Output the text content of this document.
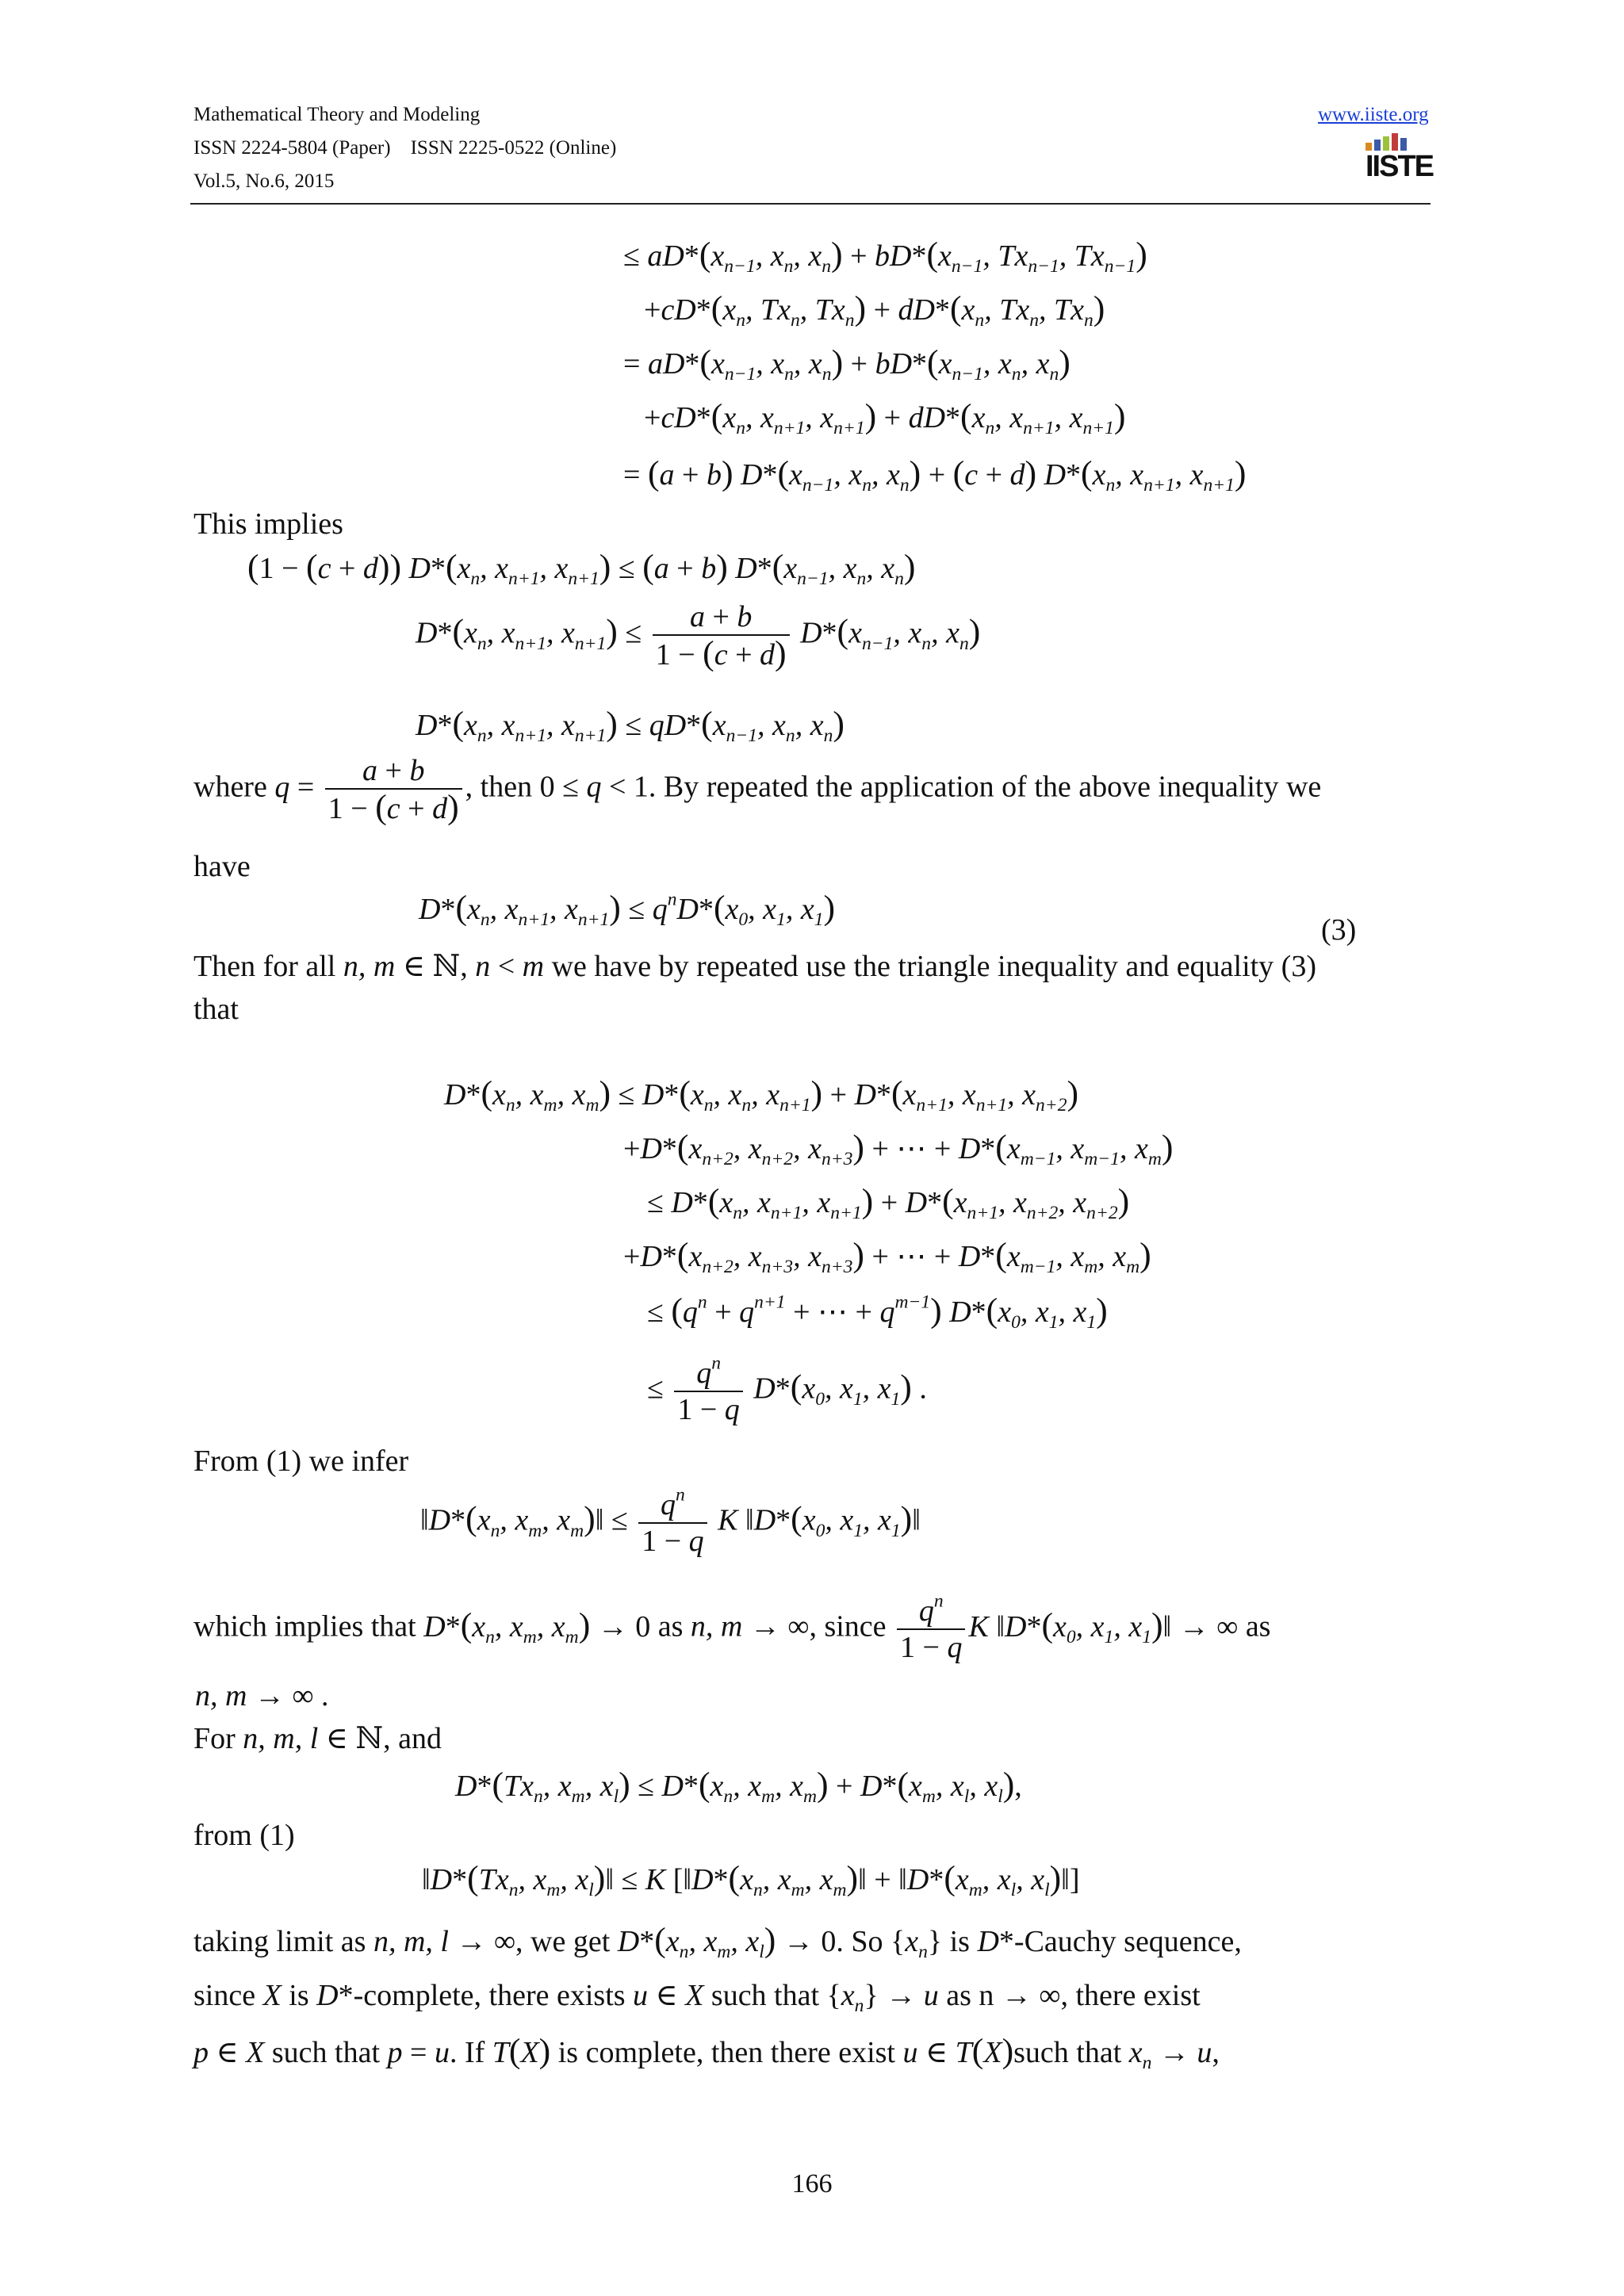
Mathematical Theory and Modeling
ISSN 2224-5804 (Paper)    ISSN 2225-0522 (Online)
Vol.5, No.6, 2015
www.iiste.org
IISTE
≤ $aD*(x_{n-1}$, $x_n$, $x_n) + bD*(x_{n-1}$, $Tx_{n-1}$, $Tx_{n-1}$)
$+cD*(x_n$, $Tx_n$, $Tx_n) + dD*(x_n$, $Tx_n$, $Tx_n$)
= $aD*(x_{n-1}$, $x_n$, $x_n) + bD*(x_{n-1}$, $x_n$, $x_n$)
$+cD*(x_n$, $x_{n+1}$, $x_{n+1}) + dD*(x_n$, $x_{n+1}$, $x_{n+1}$)
= (a + b) $D*(x_{n-1}$, $x_n$, $x_n) + (c + d)$ $D*(x_n$, $x_{n+1}$, $x_{n+1}$)
This implies
(1 − (c + d)) $D*(x_n$, $x_{n+1}$, $x_{n+1}) \le (a + b)$ $D*(x_{n-1}$, $x_n$, $x_n$)
$D*(x_n$, $x_{n+1}$, $x_{n+1}) \le \frac{a + b}{1 - (c + d)} D*(x_{n-1}$, $x_n$, $x_n$)
$D*(x_n$, $x_{n+1}$, $x_{n+1}) \le qD*(x_{n-1}$, $x_n$, $x_n$)
where $q = \frac{a + b}{1 - (c + d)}$ , then 0 ≤ q < 1. By repeated the application of the above inequality we
have
$D*(x_n$, $x_{n+1}$, $x_{n+1}) \le q^nD*(x_0$, $x_1$, $x_1$)
(3)
Then for all n, m ∈ ℕ, n < m we have by repeated use the triangle inequality and equality (3)
that
$D*(x_n$, $x_m$, $x_m) \le D*(x_n$, $x_n$, $x_{n+1}) + D*(x_{n+1}$, $x_{n+1}$, $x_{n+2}$)
$+D*(x_{n+2}$, $x_{n+2}$, $x_{n+3}$) + ⋯ + $D*(x_{m-1}$, $x_{m-1}$, $x_m$)
≤ $D*(x_n$, $x_{n+1}$, $x_{n+1}) + D*(x_{n+1}$, $x_{n+2}$, $x_{n+2}$)
$+D*(x_{n+2}$, $x_{n+3}$, $x_{n+3}$) + ⋯ + $D*(x_{m-1}$, $x_m$, $x_m$)
≤ ($q^n + q^{n+1}$ + ⋯ + $q^{m-1}$) $D*(x_0$, $x_1$, $x_1$)
≤ $\frac{q^n}{1 - q} D*(x_0$, $x_1$, $x_1$) .
From (1) we infer
$‖D*(x_n$, $x_m$, $x_m)‖ \le \frac{q^n}{1 - q}$ K $‖D*(x_0$, $x_1$, $x_1)‖$
which implies that $D*(x_n$, $x_m$, $x_m) \to 0$ as n, m → ∞, since $\frac{q^n}{1 - q}$ K $‖D*(x_0$, $x_1$, $x_1)‖$ → ∞ as
n, m → ∞ .
For n, m, l ∈ ℕ, and
$D*(Tx_n$, $x_m$, $x_l) \le D*(x_n$, $x_m$, $x_m) + D*(x_m$, $x_l$, $x_l$),
from (1)
$‖D*(Tx_n$, $x_m$, $x_l)‖ \le K$ [$‖D*(x_n$, $x_m$, $x_m)‖$ + $‖D*(x_m$, $x_l$, $x_l)‖$]
taking limit as n, m, l → ∞, we get $D*(x_n$, $x_m$, $x_l) \to 0$. So $\{x_n\}$ is D*-Cauchy sequence,
since X is D*-complete, there exists u ∈ X such that $\{x_n\} \to u$ as n → ∞, there exist
p ∈ X such that p = u. If T(X) is complete, then there exist u ∈ T(X)such that $x_n \to u$,
166
